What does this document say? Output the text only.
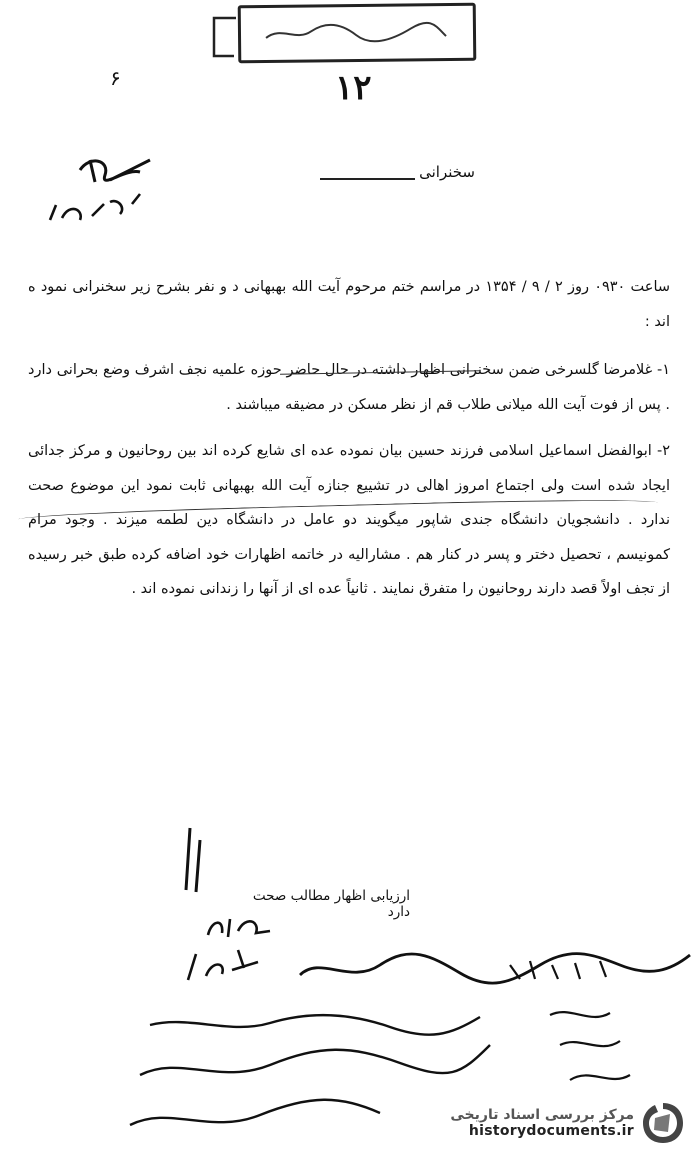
۱۲
۶
سخنرانی

ساعت ۰۹۳۰ روز ۲ / ۹ / ۱۳۵۴ در مراسم ختم مرحوم آیت الله بهبهانی د و نفر بشرح زیر سخنرانی نمود ه اند :

۱- غلامرضا گلسرخی ضمن سخنرانی اظهار داشته در حال حاضر حوزه علمیه نجف اشرف وضع بحرانی دارد . پس از فوت آیت الله میلانی طلاب قم از نظر مسکن در مضیقه میباشند .

۲- ابوالفضل اسماعیل اسلامی فرزند حسین بیان نموده عده ای شایع کرده اند بین روحانیون و مرکز جدائی ایجاد شده است ولی اجتماع امروز اهالی در تشییع جنازه آیت الله بهبهانی ثابت نمود این موضوع صحت ندارد . دانشجویان دانشگاه جندی شاپور میگویند دو عامل در دانشگاه دین لطمه میزند . وجود مرام کمونیسم ، تحصیل دختر و پسر در کنار هم . مشارالیه در خاتمه اظهارات خود اضافه کرده طبق خبر رسیده از تجف اولاً قصد دارند روحانیون را متفرق نمایند . ثانیاً عده ای از آنها را زندانی نموده اند .

ارزیابی اظهار مطالب صحت دارد
مرکز بررسی اسناد تاریخی
historydocuments.ir
